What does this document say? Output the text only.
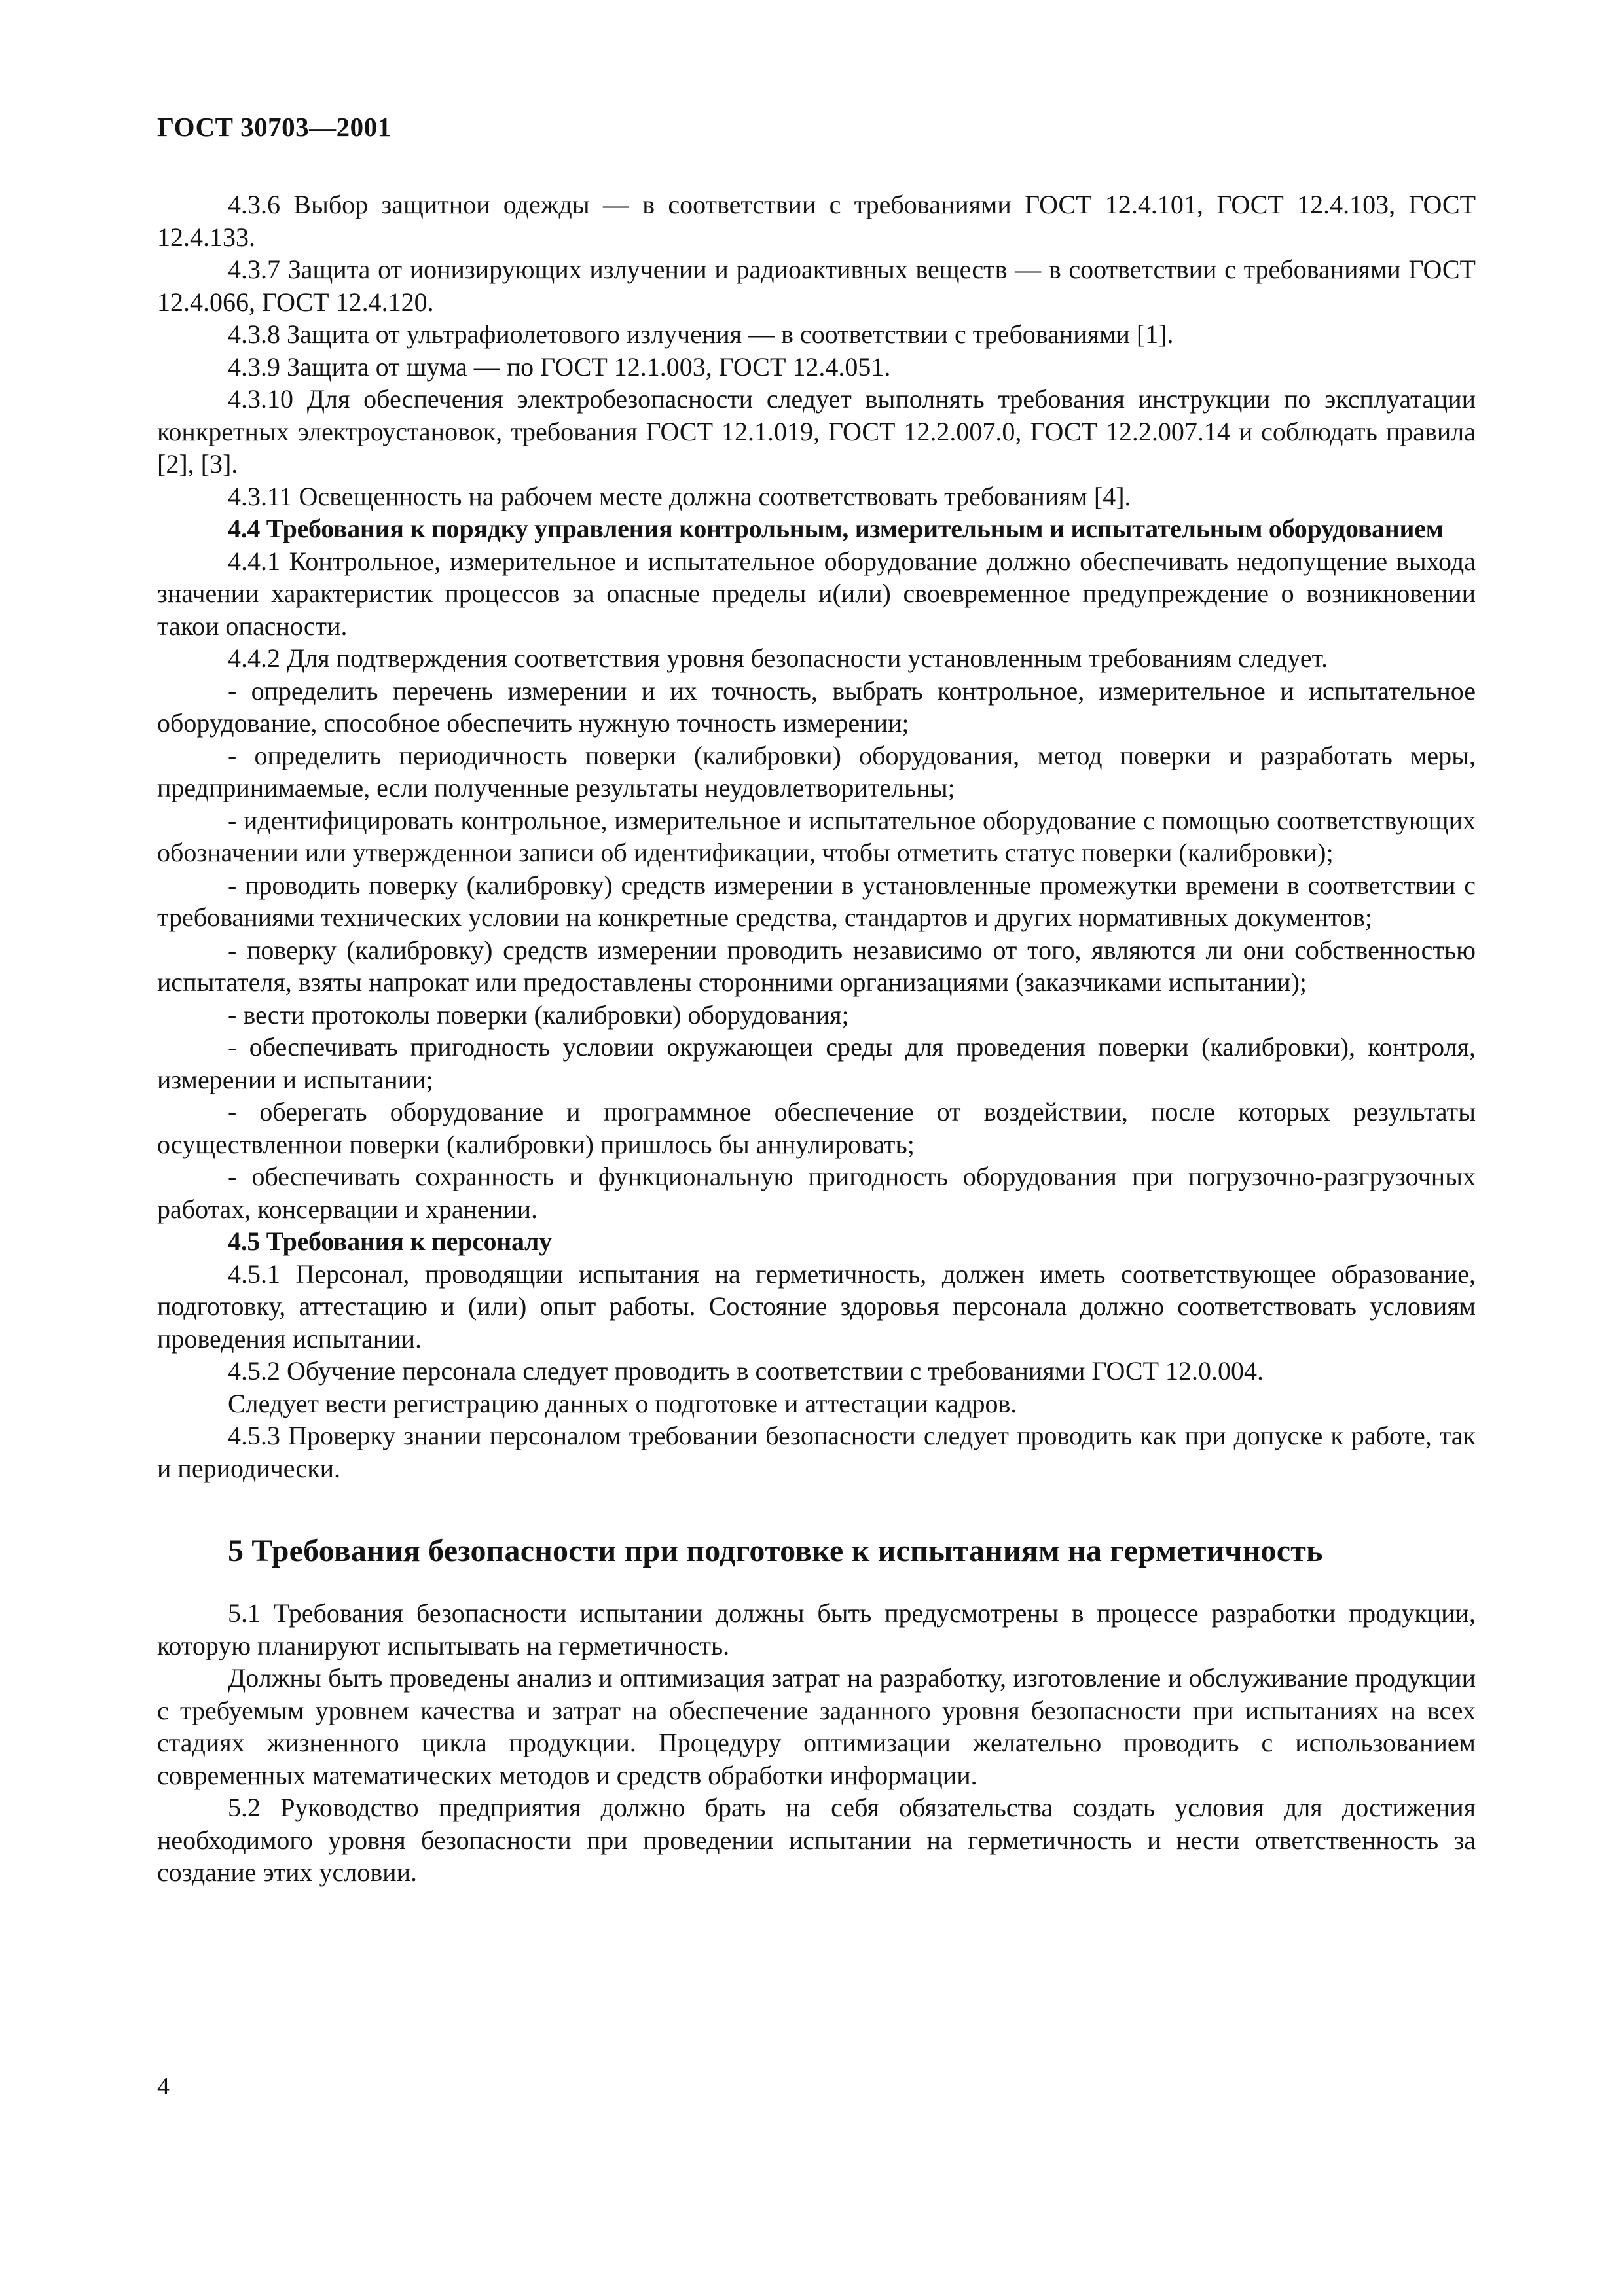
ГОСТ 30703—2001

4.3.6 Выбор защитнои одежды — в соответствии с требованиями ГОСТ 12.4.101, ГОСТ 12.4.103, ГОСТ 12.4.133.

4.3.7 Защита от ионизирующих излучении и радиоактивных веществ — в соответствии с требованиями ГОСТ 12.4.066, ГОСТ 12.4.120.

4.3.8 Защита от ультрафиолетового излучения — в соответствии с требованиями [1].

4.3.9 Защита от шума — по ГОСТ 12.1.003, ГОСТ 12.4.051.

4.3.10 Для обеспечения электробезопасности следует выполнять требования инструкции по эксплуатации конкретных электроустановок, требования ГОСТ 12.1.019, ГОСТ 12.2.007.0, ГОСТ 12.2.007.14 и соблюдать правила [2], [3].

4.3.11 Освещенность на рабочем месте должна соответствовать требованиям [4].

4.4 Требования к порядку управления контрольным, измерительным и испытательным оборудованием

4.4.1 Контрольное, измерительное и испытательное оборудование должно обеспечивать недопущение выхода значении характеристик процессов за опасные пределы и(или) своевременное предупреждение о возникновении такои опасности.

4.4.2 Для подтверждения соответствия уровня безопасности установленным требованиям следует.

- определить перечень измерении и их точность, выбрать контрольное, измерительное и испытательное оборудование, способное обеспечить нужную точность измерении;

- определить периодичность поверки (калибровки) оборудования, метод поверки и разработать меры, предпринимаемые, если полученные результаты неудовлетворительны;

- идентифицировать контрольное, измерительное и испытательное оборудование с помощью соответствующих обозначении или утвержденнои записи об идентификации, чтобы отметить статус поверки (калибровки);

- проводить поверку (калибровку) средств измерении в установленные промежутки времени в соответствии с требованиями технических условии на конкретные средства, стандартов и других нормативных документов;

- поверку (калибровку) средств измерении проводить независимо от того, являются ли они собственностью испытателя, взяты напрокат или предоставлены сторонними организациями (заказчиками испытании);

- вести протоколы поверки (калибровки) оборудования;

- обеспечивать пригодность условии окружающеи среды для проведения поверки (калибровки), контроля, измерении и испытании;

- оберегать оборудование и программное обеспечение от воздействии, после которых результаты осуществленнои поверки (калибровки) пришлось бы аннулировать;

- обеспечивать сохранность и функциональную пригодность оборудования при погрузочно-разгрузочных работах, консервации и хранении.

4.5 Требования к персоналу

4.5.1 Персонал, проводящии испытания на герметичность, должен иметь соответствующее образование, подготовку, аттестацию и (или) опыт работы. Состояние здоровья персонала должно соответствовать условиям проведения испытании.

4.5.2 Обучение персонала следует проводить в соответствии с требованиями ГОСТ 12.0.004.

Следует вести регистрацию данных о подготовке и аттестации кадров.

4.5.3 Проверку знании персоналом требовании безопасности следует проводить как при допуске к работе, так и периодически.

5 Требования безопасности при подготовке к испытаниям на герметичность

5.1 Требования безопасности испытании должны быть предусмотрены в процессе разработки продукции, которую планируют испытывать на герметичность.

Должны быть проведены анализ и оптимизация затрат на разработку, изготовление и обслуживание продукции с требуемым уровнем качества и затрат на обеспечение заданного уровня безопасности при испытаниях на всех стадиях жизненного цикла продукции. Процедуру оптимизации желательно проводить с использованием современных математических методов и средств обработки информации.

5.2 Руководство предприятия должно брать на себя обязательства создать условия для достижения необходимого уровня безопасности при проведении испытании на герметичность и нести ответственность за создание этих условии.

4
